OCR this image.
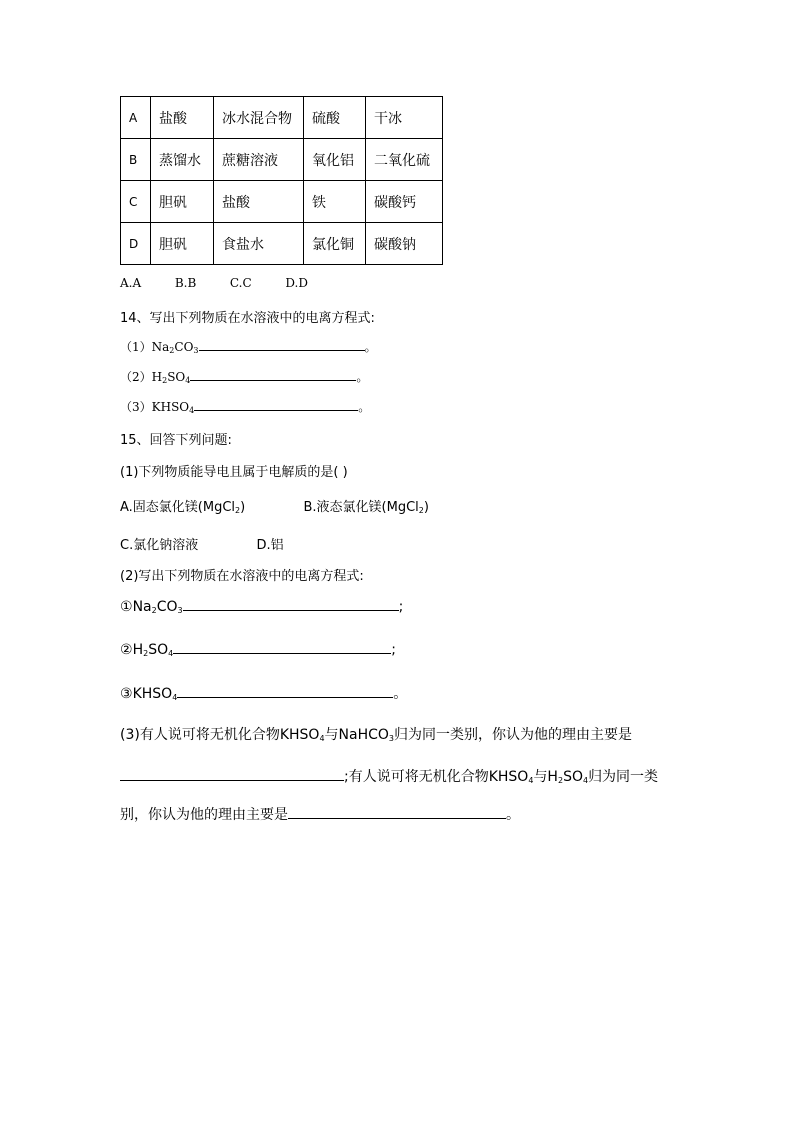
A	盐酸	冰水混合物	硫酸	干冰
B	蒸馏水	蔗糖溶液	氧化铝	二氧化硫
C	胆矾	盐酸	铁	碳酸钙
D	胆矾	食盐水	氯化铜	碳酸钠
A.A	B.B	C.C	D.D
14、写出下列物质在水溶液中的电离方程式:
$(1)Na_2CO_3$	。
$(2)H_2SO_4$	。
$(3)KHSO_4$	。
15、回答下列问题:
(1)下列物质能导电且属于电解质的是( )
A.固态氯化镁(MgCl$_2$)	B.液态氯化镁(MgCl$_2$)
C.氯化钠溶液	D.铝
(2)写出下列物质在水溶液中的电离方程式:
$①Na_2CO_3$	;
$②H_2SO_4$	;
$③KHSO_4$	。
(3)有人说可将无机化合物$KHSO_4$与NaHCO$_3$归为同一类别，你认为他的理由主要是
;有人说可将无机化合物$KHSO_4$与$H_2SO_4$归为同一类
别，你认为他的理由主要是	。
